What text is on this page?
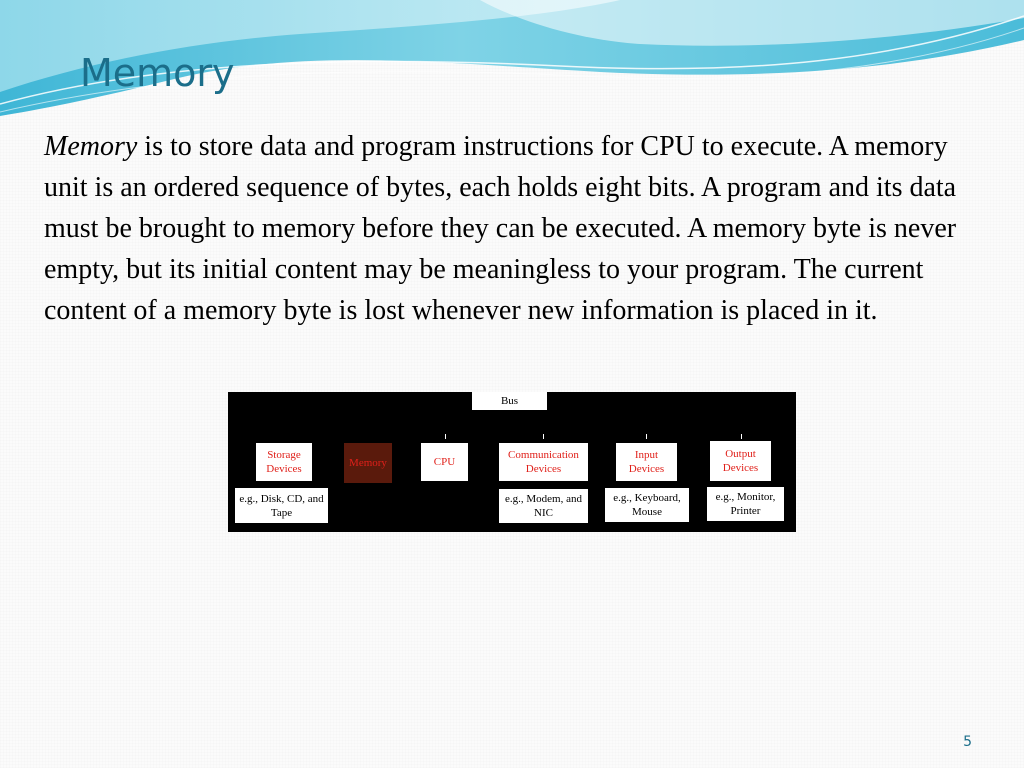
Memory

Memory is to store data and program instructions for CPU to execute. A memory unit is an ordered sequence of bytes, each holds eight bits. A program and its data must be brought to memory before they can be executed. A memory byte is never empty, but its initial content may be meaningless to your program. The current content of a memory byte is lost whenever new information is placed in it.

Bus
Storage Devices	Memory	CPU
Communication Devices
Input Devices
Output Devices
e.g., Disk, CD, and Tape
e.g., Modem, and NIC
e.g., Keyboard, Mouse
e.g., Monitor, Printer
5
